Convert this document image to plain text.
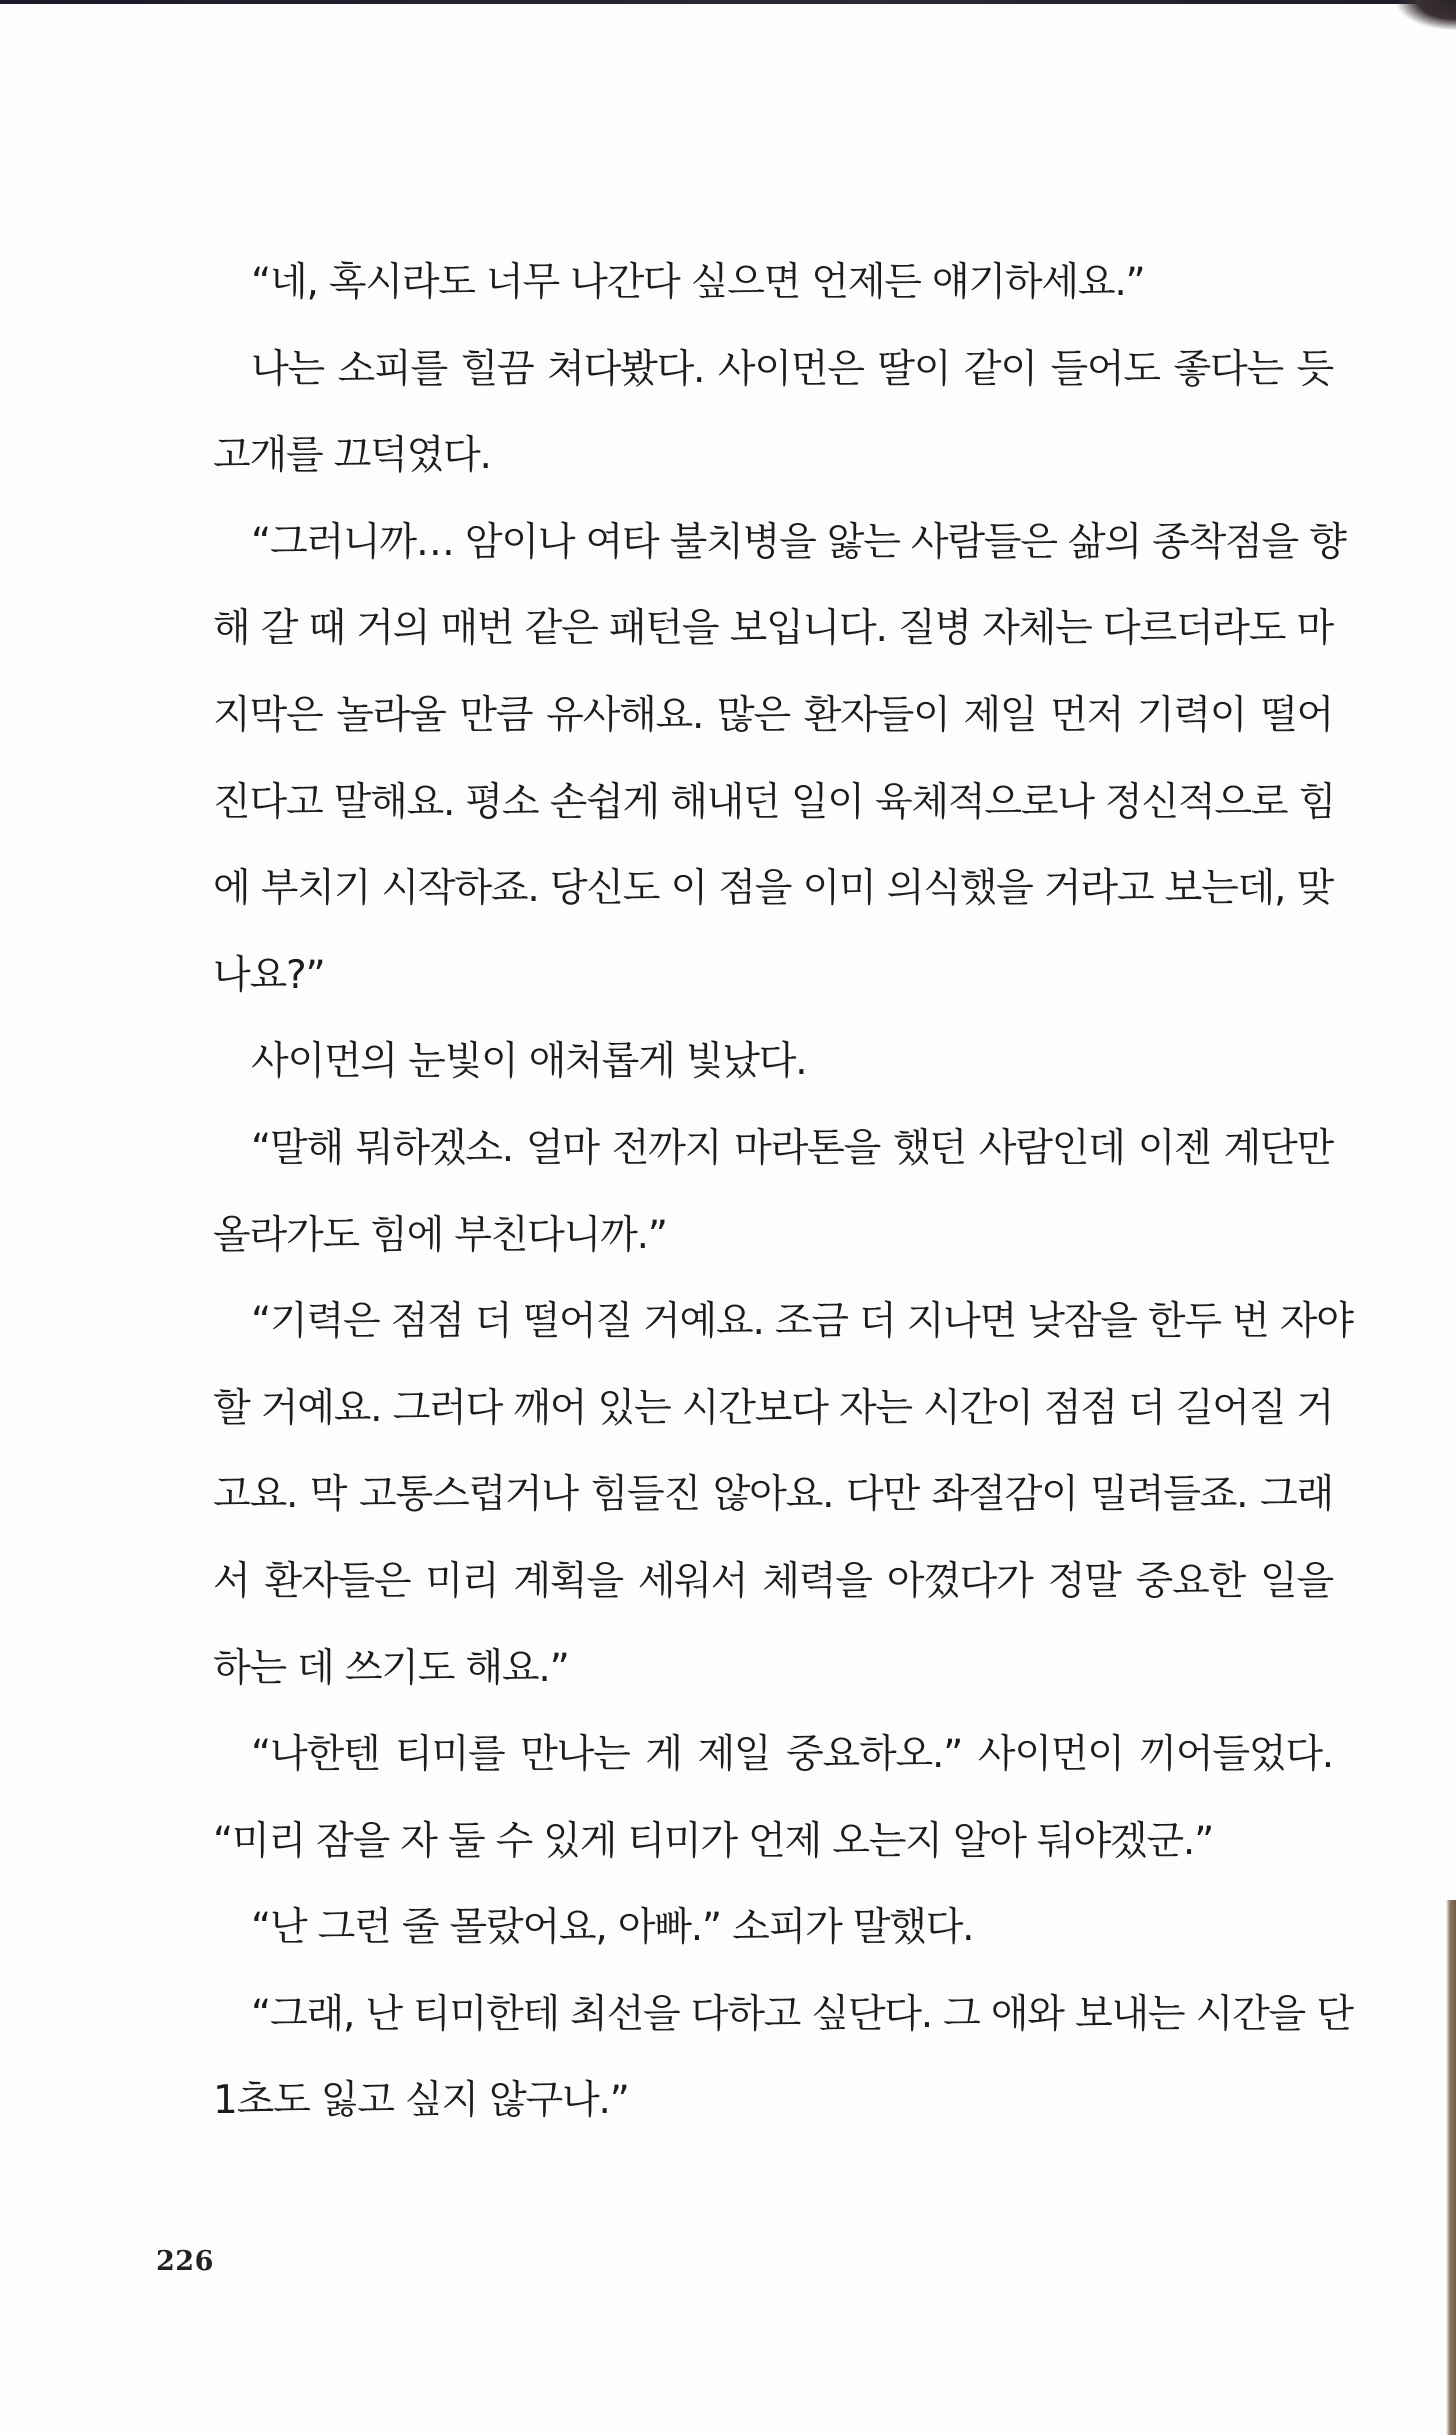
“네, 혹시라도 너무 나간다 싶으면 언제든 얘기하세요.”
나는 소피를 힐끔 쳐다봤다. 사이먼은 딸이 같이 들어도 좋다는 듯
고개를 끄덕였다.
“그러니까… 암이나 여타 불치병을 앓는 사람들은 삶의 종착점을 향
해 갈 때 거의 매번 같은 패턴을 보입니다. 질병 자체는 다르더라도 마
지막은 놀라울 만큼 유사해요. 많은 환자들이 제일 먼저 기력이 떨어
진다고 말해요. 평소 손쉽게 해내던 일이 육체적으로나 정신적으로 힘
에 부치기 시작하죠. 당신도 이 점을 이미 의식했을 거라고 보는데, 맞
나요?”
사이먼의 눈빛이 애처롭게 빛났다.
“말해 뭐하겠소. 얼마 전까지 마라톤을 했던 사람인데 이젠 계단만
올라가도 힘에 부친다니까.”
“기력은 점점 더 떨어질 거예요. 조금 더 지나면 낮잠을 한두 번 자야
할 거예요. 그러다 깨어 있는 시간보다 자는 시간이 점점 더 길어질 거
고요. 막 고통스럽거나 힘들진 않아요. 다만 좌절감이 밀려들죠. 그래
서 환자들은 미리 계획을 세워서 체력을 아꼈다가 정말 중요한 일을
하는 데 쓰기도 해요.”
“나한텐 티미를 만나는 게 제일 중요하오.” 사이먼이 끼어들었다.
“미리 잠을 자 둘 수 있게 티미가 언제 오는지 알아 둬야겠군.”
“난 그런 줄 몰랐어요, 아빠.” 소피가 말했다.
“그래, 난 티미한테 최선을 다하고 싶단다. 그 애와 보내는 시간을 단
1초도 잃고 싶지 않구나.”
226
